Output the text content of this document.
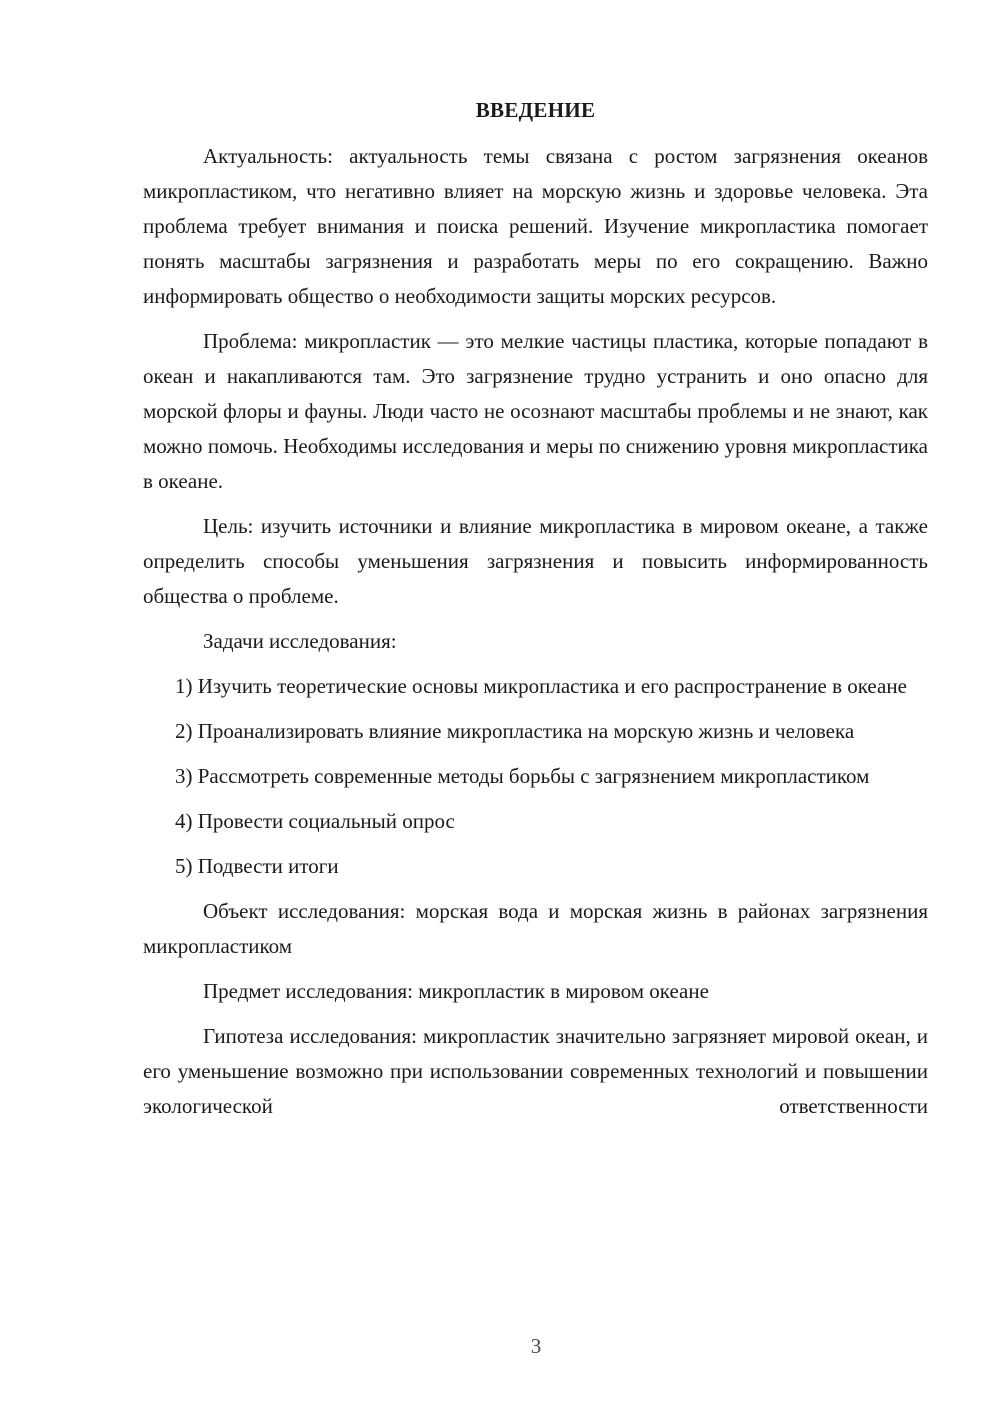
ВВЕДЕНИЕ

Актуальность: актуальность темы связана с ростом загрязнения океанов микропластиком, что негативно влияет на морскую жизнь и здоровье человека. Эта проблема требует внимания и поиска решений. Изучение микропластика помогает понять масштабы загрязнения и разработать меры по его сокращению. Важно информировать общество о необходимости защиты морских ресурсов.

Проблема: микропластик — это мелкие частицы пластика, которые попадают в океан и накапливаются там. Это загрязнение трудно устранить и оно опасно для морской флоры и фауны. Люди часто не осознают масштабы проблемы и не знают, как можно помочь. Необходимы исследования и меры по снижению уровня микропластика в океане.

Цель: изучить источники и влияние микропластика в мировом океане, а также определить способы уменьшения загрязнения и повысить информированность общества о проблеме.

Задачи исследования:

1) Изучить теоретические основы микропластика и его распространение в океане

2) Проанализировать влияние микропластика на морскую жизнь и человека

3) Рассмотреть современные методы борьбы с загрязнением микропластиком

4) Провести социальный опрос

5) Подвести итоги

Объект исследования: морская вода и морская жизнь в районах загрязнения микропластиком

Предмет исследования: микропластик в мировом океане

Гипотеза исследования: микропластик значительно загрязняет мировой океан, и его уменьшение возможно при использовании современных технологий и повышении экологической ответственности

3
